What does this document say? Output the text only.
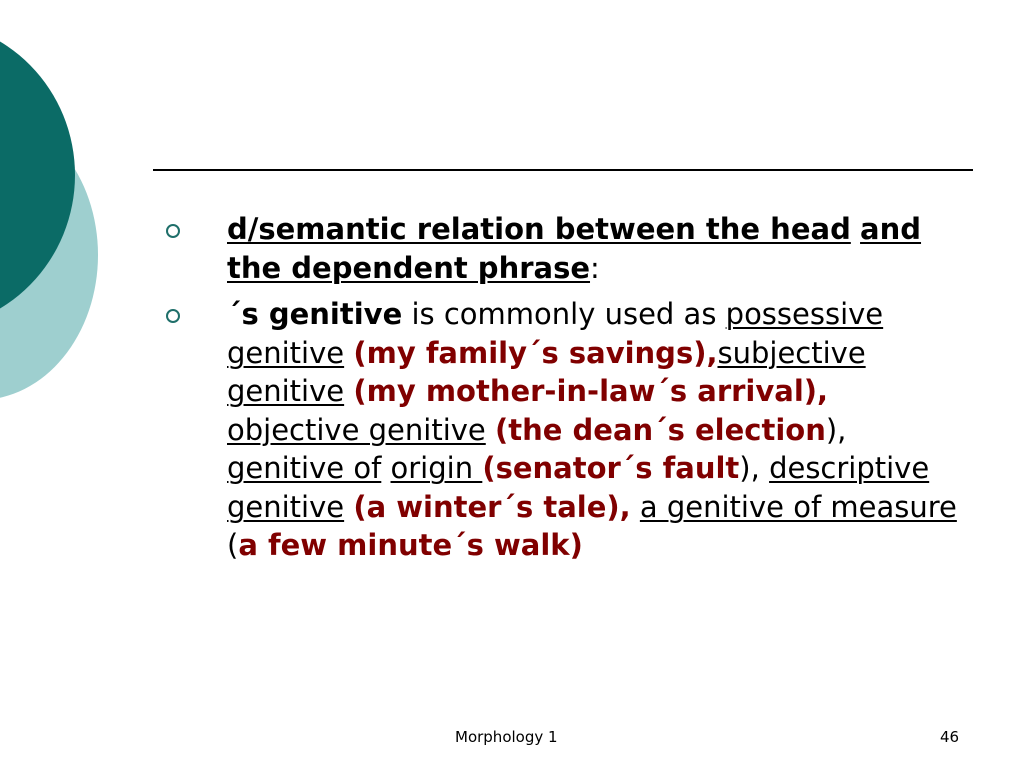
d/semantic relation between the head and the dependent phrase:
´s genitive is commonly used as possessive genitive (my family´s savings),subjective genitive (my mother-in-law´s arrival), objective genitive (the dean´s election), genitive of origin (senator´s fault), descriptive genitive (a winter´s tale), a genitive of measure (a few minute´s walk)
Morphology 1	46
